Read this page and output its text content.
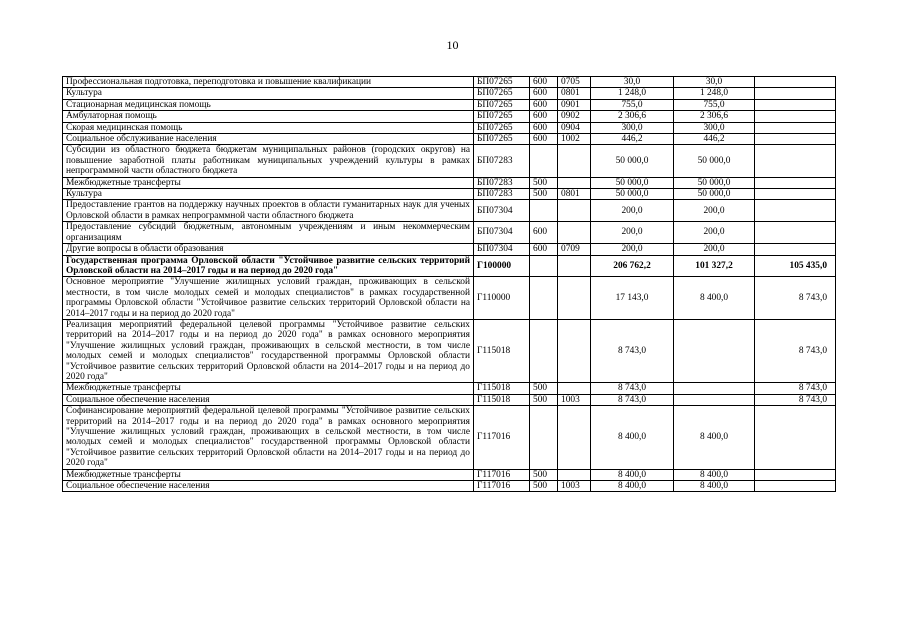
10
Профессиональная подготовка, переподготовка и повышение квалификации	БП07265	600	0705	30,0	30,0	
Культура	БП07265	600	0801	1 248,0	1 248,0	
Стационарная медицинская помощь	БП07265	600	0901	755,0	755,0	
Амбулаторная помощь	БП07265	600	0902	2 306,6	2 306,6	
Скорая медицинская помощь	БП07265	600	0904	300,0	300,0	
Социальное обслуживание населения	БП07265	600	1002	446,2	446,2	
Субсидии из областного бюджета бюджетам муниципальных районов (городских округов) на повышение заработной платы работникам муниципальных учреждений культуры в рамках непрограммной части областного бюджета	БП07283			50 000,0	50 000,0	
Межбюджетные трансферты	БП07283	500		50 000,0	50 000,0	
Культура	БП07283	500	0801	50 000,0	50 000,0	
Предоставление грантов на поддержку научных проектов в области гуманитарных наук для ученых Орловской области в рамках непрограммной части областного бюджета	БП07304			200,0	200,0	
Предоставление субсидий бюджетным, автономным учреждениям и иным некоммерческим организациям	БП07304	600		200,0	200,0	
Другие вопросы в области образования	БП07304	600	0709	200,0	200,0	
Государственная программа Орловской области "Устойчивое развитие сельских территорий Орловской области на 2014–2017 годы и на период до 2020 года"	Г100000			206 762,2	101 327,2	105 435,0
Основное мероприятие "Улучшение жилищных условий граждан, проживающих в сельской местности, в том числе молодых семей и молодых специалистов" в рамках государственной программы Орловской области "Устойчивое развитие сельских территорий Орловской области на 2014–2017 годы и на период до 2020 года"	Г110000			17 143,0	8 400,0	8 743,0
Реализация мероприятий федеральной целевой программы "Устойчивое развитие сельских территорий на 2014–2017 годы и на период до 2020 года" в рамках основного мероприятия "Улучшение жилищных условий граждан, проживающих в сельской местности, в том числе молодых семей и молодых специалистов" государственной программы Орловской области "Устойчивое развитие сельских территорий Орловской области на 2014–2017 годы и на период до 2020 года"	Г115018			8 743,0		8 743,0
Межбюджетные трансферты	Г115018	500		8 743,0		8 743,0
Социальное обеспечение населения	Г115018	500	1003	8 743,0		8 743,0
Софинансирование мероприятий федеральной целевой программы "Устойчивое развитие сельских территорий на 2014–2017 годы и на период до 2020 года" в рамках основного мероприятия "Улучшение жилищных условий граждан, проживающих в сельской местности, в том числе молодых семей и молодых специалистов" государственной программы Орловской области "Устойчивое развитие сельских территорий Орловской области на 2014–2017 годы и на период до 2020 года"	Г117016			8 400,0	8 400,0	
Межбюджетные трансферты	Г117016	500		8 400,0	8 400,0	
Социальное обеспечение населения	Г117016	500	1003	8 400,0	8 400,0	
